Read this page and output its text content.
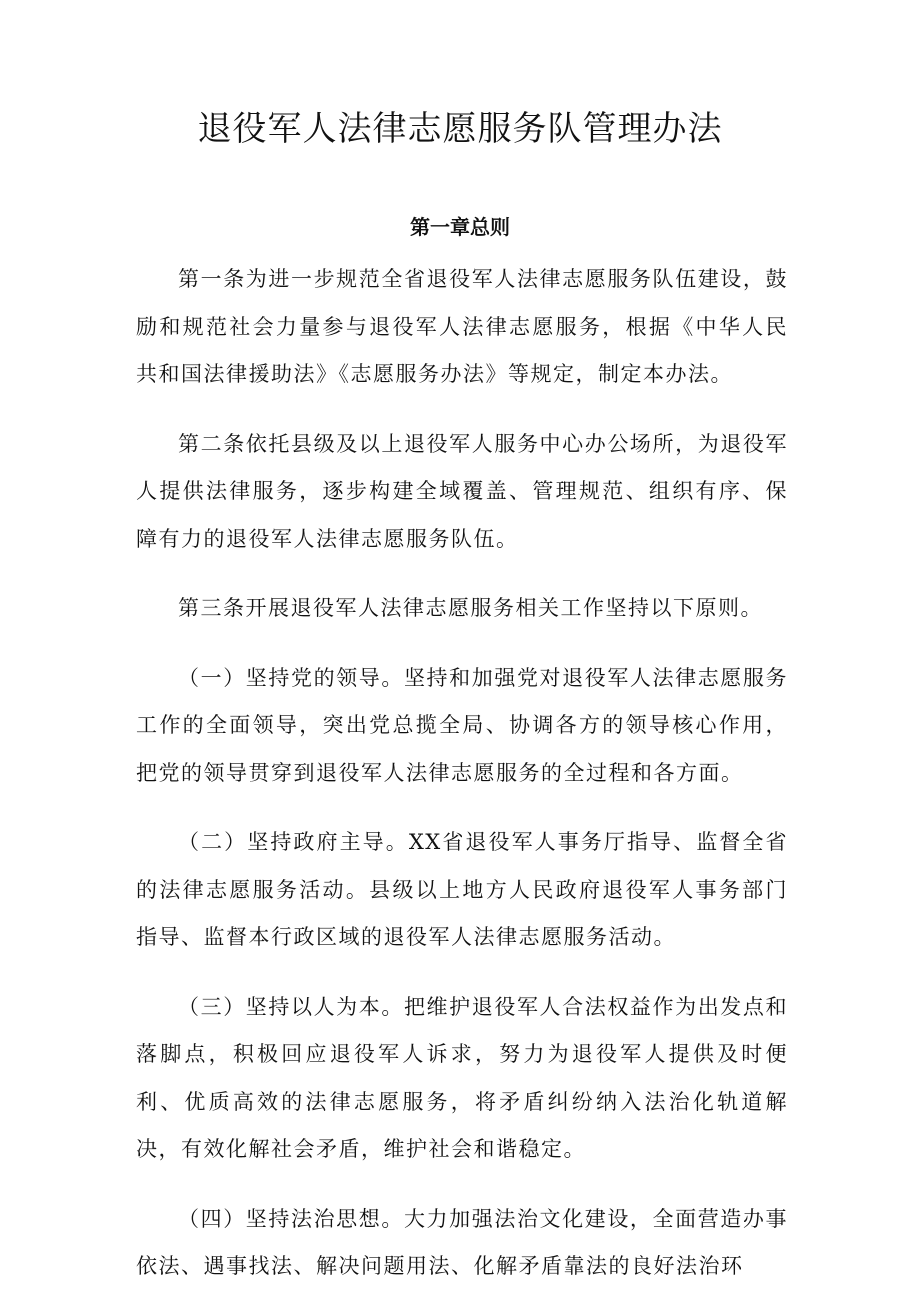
退役军人法律志愿服务队管理办法
第一章总则

第一条为进一步规范全省退役军人法律志愿服务队伍建设，鼓励和规范社会力量参与退役军人法律志愿服务，根据《中华人民共和国法律援助法》《志愿服务办法》等规定，制定本办法。

第二条依托县级及以上退役军人服务中心办公场所，为退役军人提供法律服务，逐步构建全域覆盖、管理规范、组织有序、保障有力的退役军人法律志愿服务队伍。

第三条开展退役军人法律志愿服务相关工作坚持以下原则。

（一）坚持党的领导。坚持和加强党对退役军人法律志愿服务工作的全面领导，突出党总揽全局、协调各方的领导核心作用，把党的领导贯穿到退役军人法律志愿服务的全过程和各方面。

（二）坚持政府主导。XX省退役军人事务厅指导、监督全省的法律志愿服务活动。县级以上地方人民政府退役军人事务部门指导、监督本行政区域的退役军人法律志愿服务活动。

（三）坚持以人为本。把维护退役军人合法权益作为出发点和落脚点，积极回应退役军人诉求，努力为退役军人提供及时便利、优质高效的法律志愿服务，将矛盾纠纷纳入法治化轨道解决，有效化解社会矛盾，维护社会和谐稳定。

（四）坚持法治思想。大力加强法治文化建设，全面营造办事依法、遇事找法、解决问题用法、化解矛盾靠法的良好法治环
